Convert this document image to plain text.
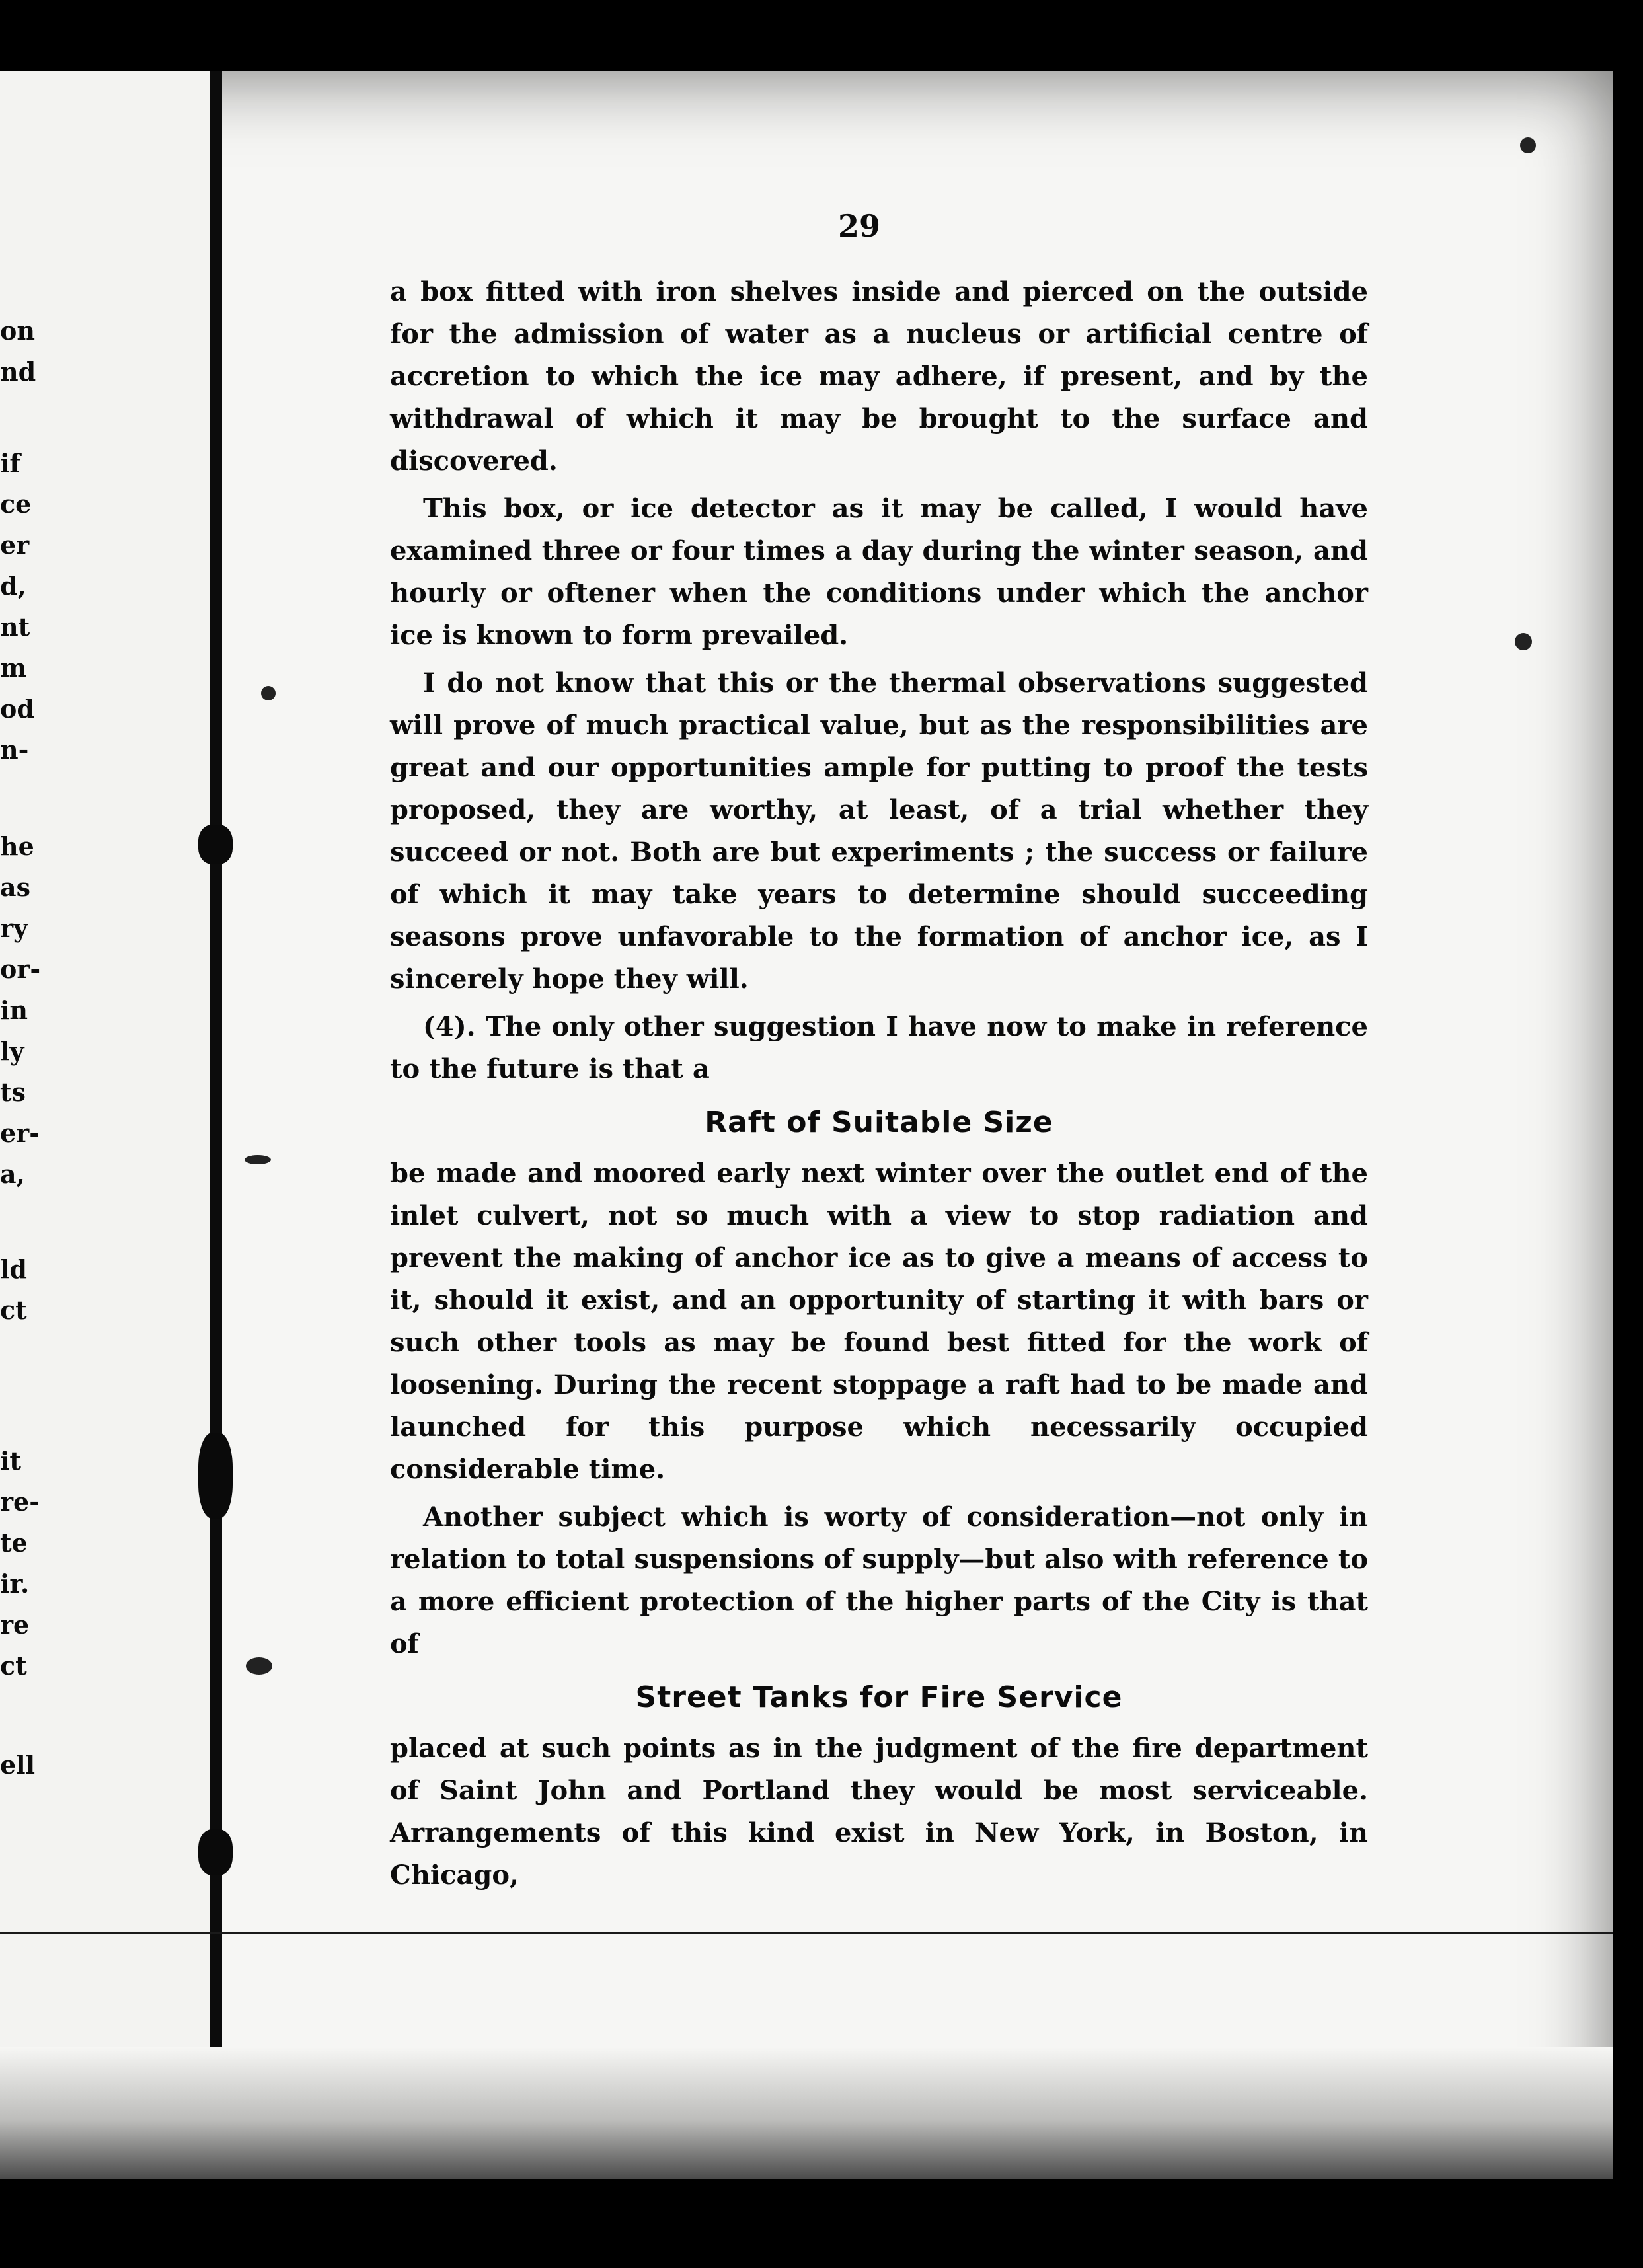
on
nd
if
ce
er
d,
nt
m
od
n-
he
as
ry
or-
in
ly
ts
er-
a,
ld
ct
it
re-
te
ir.
re
ct
ell
29

a box fitted with iron shelves inside and pierced on the outside for the admission of water as a nucleus or artificial centre of accretion to which the ice may adhere, if present, and by the withdrawal of which it may be brought to the surface and discovered.

This box, or ice detector as it may be called, I would have examined three or four times a day during the winter season, and hourly or oftener when the conditions under which the anchor ice is known to form prevailed.

I do not know that this or the thermal observations suggested will prove of much practical value, but as the responsibilities are great and our opportunities ample for putting to proof the tests proposed, they are worthy, at least, of a trial whether they succeed or not. Both are but experiments ; the success or failure of which it may take years to determine should succeeding seasons prove unfavorable to the formation of anchor ice, as I sincerely hope they will.

(4). The only other suggestion I have now to make in reference to the future is that a

Raft of Suitable Size

be made and moored early next winter over the outlet end of the inlet culvert, not so much with a view to stop radiation and prevent the making of anchor ice as to give a means of access to it, should it exist, and an opportunity of starting it with bars or such other tools as may be found best fitted for the work of loosening. During the recent stoppage a raft had to be made and launched for this purpose which necessarily occupied considerable time.

Another subject which is worty of consideration—not only in relation to total suspensions of supply—but also with reference to a more efficient protection of the higher parts of the City is that of

Street Tanks for Fire Service

placed at such points as in the judgment of the fire department of Saint John and Portland they would be most serviceable. Arrangements of this kind exist in New York, in Boston, in Chicago,
